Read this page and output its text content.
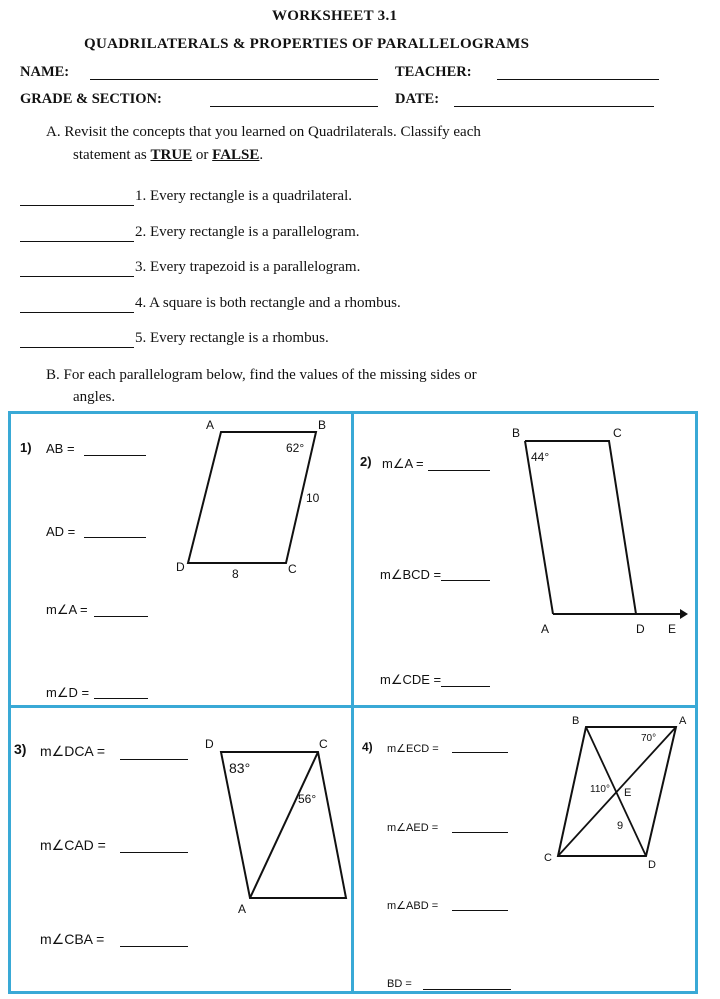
WORKSHEET 3.1
QUADRILATERALS & PROPERTIES OF PARALLELOGRAMS
NAME:	TEACHER:
GRADE & SECTION:	DATE:
A. Revisit the concepts that you learned on Quadrilaterals. Classify each
statement as TRUE or FALSE.
1. Every rectangle is a quadrilateral.
2. Every rectangle is a parallelogram.
3. Every trapezoid is a parallelogram.
4. A square is both rectangle and a rhombus.
5. Every rectangle is a rhombus.
B. For each parallelogram below, find the values of the missing sides or
angles.
1) AB =
AD =
m∠A =
m∠D =
A	B
C
D
62°
10
8
2) m∠A =
m∠BCD =
m∠CDE =
B	C
A	D E
44°
3) m∠DCA =
m∠CAD =
m∠CBA =
D	C
A
83°
56°
4) m∠ECD =
m∠AED =
m∠ABD =
BD =
B	A
C
D
E
70°
110°
9
